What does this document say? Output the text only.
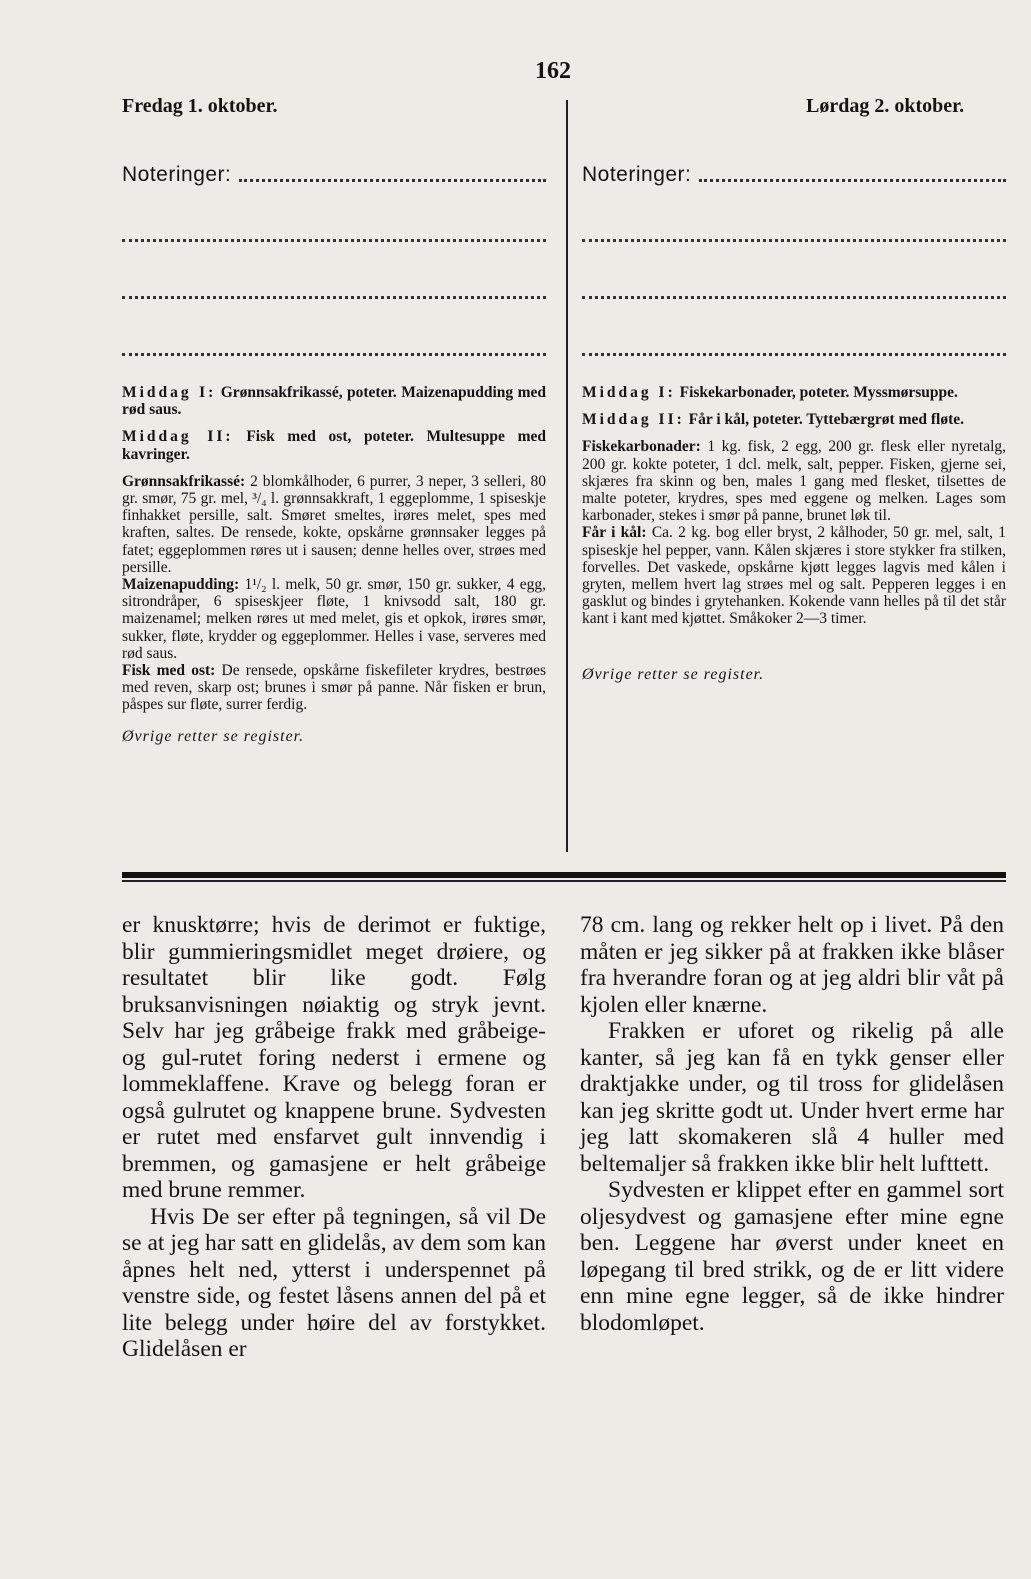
162
Fredag 1. oktober.	Lørdag 2. oktober.
Noteringer:	Noteringer:

Middag I: Grønnsakfrikassé, poteter. Maizenapudding med rød saus.

Middag II: Fisk med ost, poteter. Multesuppe med kavringer.

Grønnsakfrikassé: 2 blomkålhoder, 6 purrer, 3 neper, 3 selleri, 80 gr. smør, 75 gr. mel, ³/₄ l. grønnsakkraft, 1 eggeplomme, 1 spiseskje finhakket persille, salt. Smøret smeltes, irøres melet, spes med kraften, saltes. De rensede, kokte, opskårne grønnsaker legges på fatet; eggeplommen røres ut i sausen; denne helles over, strøes med persille.

Maizenapudding: 1¹/₂ l. melk, 50 gr. smør, 150 gr. sukker, 4 egg, sitrondråper, 6 spiseskjeer fløte, 1 knivsodd salt, 180 gr. maizenamel; melken røres ut med melet, gis et opkok, irøres smør, sukker, fløte, krydder og eggeplommer. Helles i vase, serveres med rød saus.

Fisk med ost: De rensede, opskårne fiskefileter krydres, bestrøes med reven, skarp ost; brunes i smør på panne. Når fisken er brun, påspes sur fløte, surrer ferdig.

Øvrige retter se register.

Middag I: Fiskekarbonader, poteter. Myssmørsuppe.

Middag II: Får i kål, poteter. Tyttebærgrøt med fløte.

Fiskekarbonader: 1 kg. fisk, 2 egg, 200 gr. flesk eller nyretalg, 200 gr. kokte poteter, 1 dcl. melk, salt, pepper. Fisken, gjerne sei, skjæres fra skinn og ben, males 1 gang med flesket, tilsettes de malte poteter, krydres, spes med eggene og melken. Lages som karbonader, stekes i smør på panne, brunet løk til.

Får i kål: Ca. 2 kg. bog eller bryst, 2 kålhoder, 50 gr. mel, salt, 1 spiseskje hel pepper, vann. Kålen skjæres i store stykker fra stilken, forvelles. Det vaskede, opskårne kjøtt legges lagvis med kålen i gryten, mellem hvert lag strøes mel og salt. Pepperen legges i en gasklut og bindes i grytehanken. Kokende vann helles på til det står kant i kant med kjøttet. Småkoker 2—3 timer.

Øvrige retter se register.

er knusktørre; hvis de derimot er fuktige, blir gummieringsmidlet meget drøiere, og resultatet blir like godt. Følg bruksanvisningen nøiaktig og stryk jevnt. Selv har jeg gråbeige frakk med gråbeige- og gul-rutet foring nederst i ermene og lommeklaffene. Krave og belegg foran er også gulrutet og knappene brune. Sydvesten er rutet med ensfarvet gult innvendig i bremmen, og gamasjene er helt gråbeige med brune remmer.

Hvis De ser efter på tegningen, så vil De se at jeg har satt en glidelås, av dem som kan åpnes helt ned, ytterst i underspennet på venstre side, og festet låsens annen del på et lite belegg under høire del av forstykket. Glidelåsen er

78 cm. lang og rekker helt op i livet. På den måten er jeg sikker på at frakken ikke blåser fra hverandre foran og at jeg aldri blir våt på kjolen eller knærne.

Frakken er uforet og rikelig på alle kanter, så jeg kan få en tykk genser eller draktjakke under, og til tross for glidelåsen kan jeg skritte godt ut. Under hvert erme har jeg latt skomakeren slå 4 huller med beltemaljer så frakken ikke blir helt lufttett.

Sydvesten er klippet efter en gammel sort oljesydvest og gamasjene efter mine egne ben. Leggene har øverst under kneet en løpegang til bred strikk, og de er litt videre enn mine egne legger, så de ikke hindrer blodomløpet.
